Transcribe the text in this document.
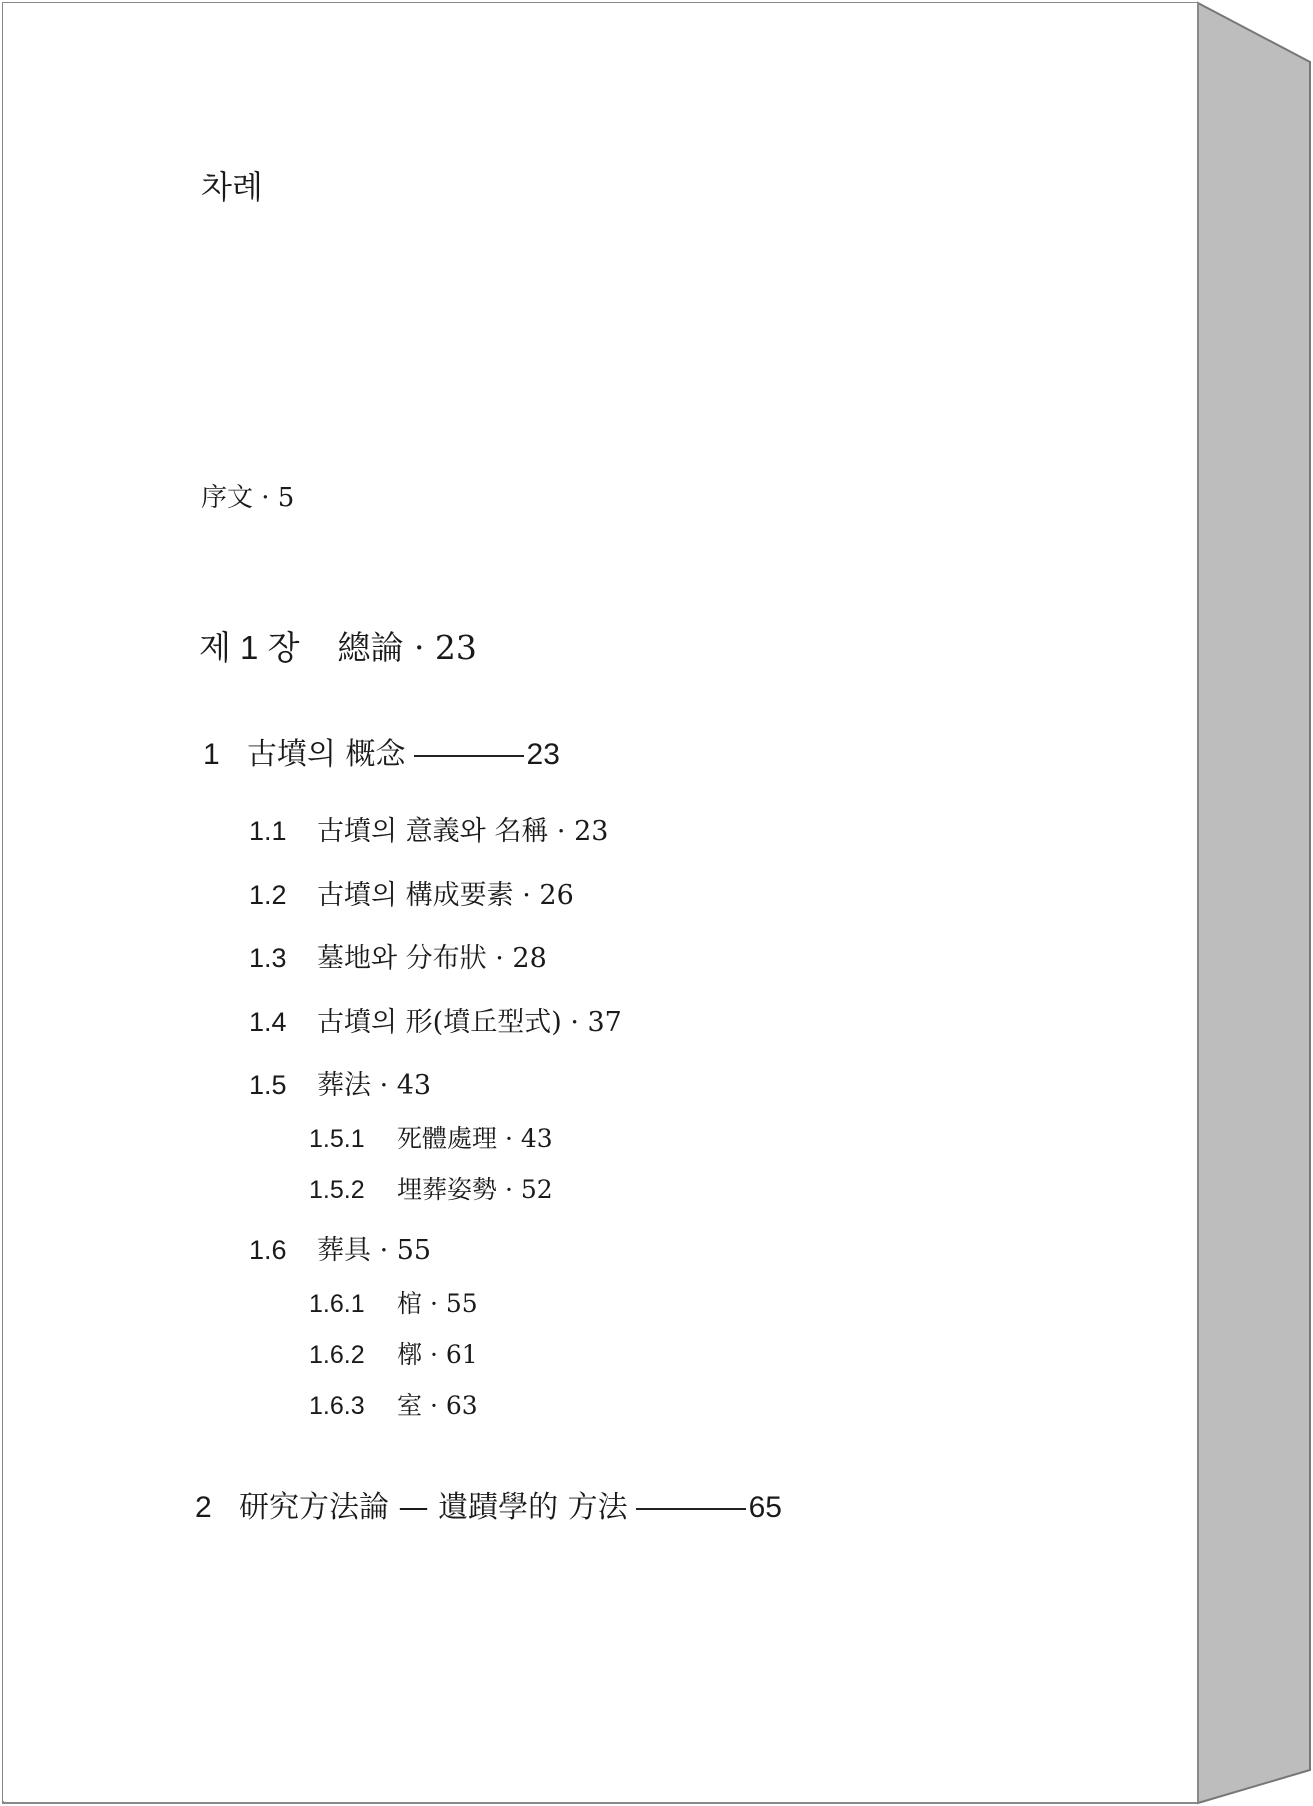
차례
序文 · 5
제 1 장 總論 · 23
1 古墳의 概念	23
1.1 古墳의 意義와 名稱 · 23
1.2 古墳의 構成要素 · 26
1.3 墓地와 分布狀 · 28
1.4 古墳의 形(墳丘型式) · 37
1.5 葬法 · 43
1.5.1 死體處理 · 43
1.5.2 埋葬姿勢 · 52
1.6 葬具 · 55
1.6.1 棺 · 55
1.6.2 槨 · 61
1.6.3 室 · 63
2 研究方法論 — 遺蹟學的 方法	65
